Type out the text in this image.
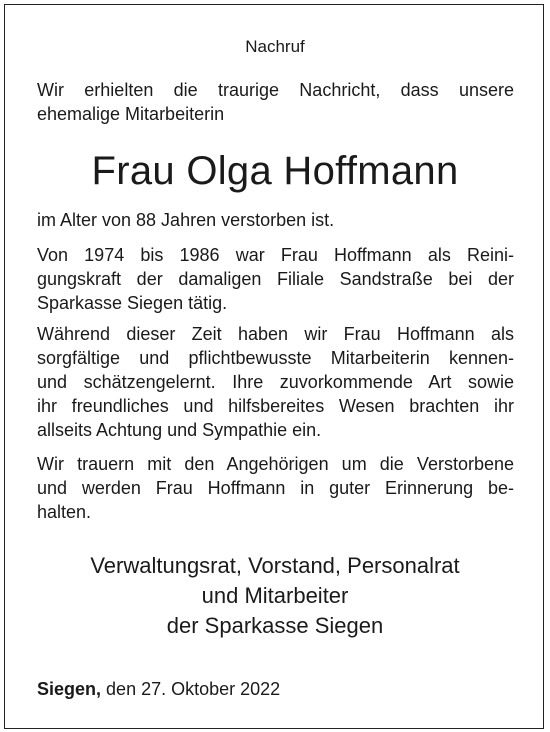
Nachruf
Wir erhielten die traurige Nachricht, dass unsere
ehemalige Mitarbeiterin
Frau Olga Hoffmann
im Alter von 88 Jahren verstorben ist.
Von 1974 bis 1986 war Frau Hoffmann als Reini-
gungskraft der damaligen Filiale Sandstraße bei der
Sparkasse Siegen tätig.
Während dieser Zeit haben wir Frau Hoffmann als
sorgfältige und pflichtbewusste Mitarbeiterin kennen-
und schätzengelernt. Ihre zuvorkommende Art sowie
ihr freundliches und hilfsbereites Wesen brachten ihr
allseits Achtung und Sympathie ein.
Wir trauern mit den Angehörigen um die Verstorbene
und werden Frau Hoffmann in guter Erinnerung be-
halten.
Verwaltungsrat, Vorstand, Personalrat
und Mitarbeiter
der Sparkasse Siegen
Siegen, den 27. Oktober 2022
